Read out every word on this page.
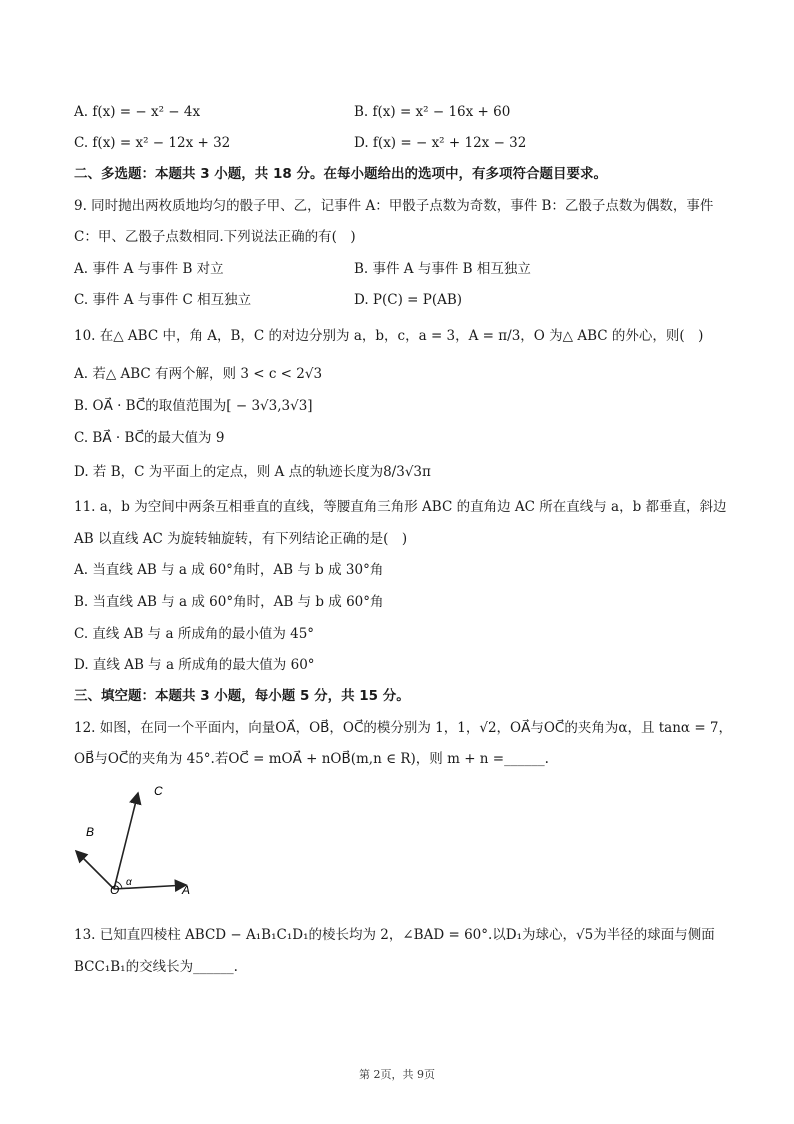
A. f(x) = − x² − 4x	B. f(x) = x² − 16x + 60
C. f(x) = x² − 12x + 32	D. f(x) = − x² + 12x − 32
二、多选题：本题共 3 小题，共 18 分。在每小题给出的选项中，有多项符合题目要求。
9. 同时抛出两枚质地均匀的骰子甲、乙，记事件 A：甲骰子点数为奇数，事件 B：乙骰子点数为偶数，事件
C：甲、乙骰子点数相同.下列说法正确的有(　)
A. 事件 A 与事件 B 对立	B. 事件 A 与事件 B 相互独立
C. 事件 A 与事件 C 相互独立	D. P(C) = P(AB)
10. 在△ ABC 中，角 A，B，C 的对边分别为 a，b，c，a = 3，A = π/3，O 为△ ABC 的外心，则(　)
A. 若△ ABC 有两个解，则 3 < c < 2√3
B. OA⃗ · BC⃗的取值范围为[ − 3√3,3√3]
C. BA⃗ · BC⃗的最大值为 9
D. 若 B，C 为平面上的定点，则 A 点的轨迹长度为8/3√3π
11. a，b 为空间中两条互相垂直的直线，等腰直角三角形 ABC 的直角边 AC 所在直线与 a，b 都垂直，斜边
AB 以直线 AC 为旋转轴旋转，有下列结论正确的是(　)
A. 当直线 AB 与 a 成 60°角时，AB 与 b 成 30°角
B. 当直线 AB 与 a 成 60°角时，AB 与 b 成 60°角
C. 直线 AB 与 a 所成角的最小值为 45°
D. 直线 AB 与 a 所成角的最大值为 60°
三、填空题：本题共 3 小题，每小题 5 分，共 15 分。
12. 如图，在同一个平面内，向量OA⃗，OB⃗，OC⃗的模分别为 1，1，√2，OA⃗与OC⃗的夹角为α，且 tanα = 7，
OB⃗与OC⃗的夹角为 45°.若OC⃗ = mOA⃗ + nOB⃗(m,n ∈ R)，则 m + n =______.
C
B
α
O	A
13. 已知直四棱柱 ABCD − A₁B₁C₁D₁的棱长均为 2，∠BAD = 60°.以D₁为球心，√5为半径的球面与侧面
BCC₁B₁的交线长为______.
第 2页，共 9页
